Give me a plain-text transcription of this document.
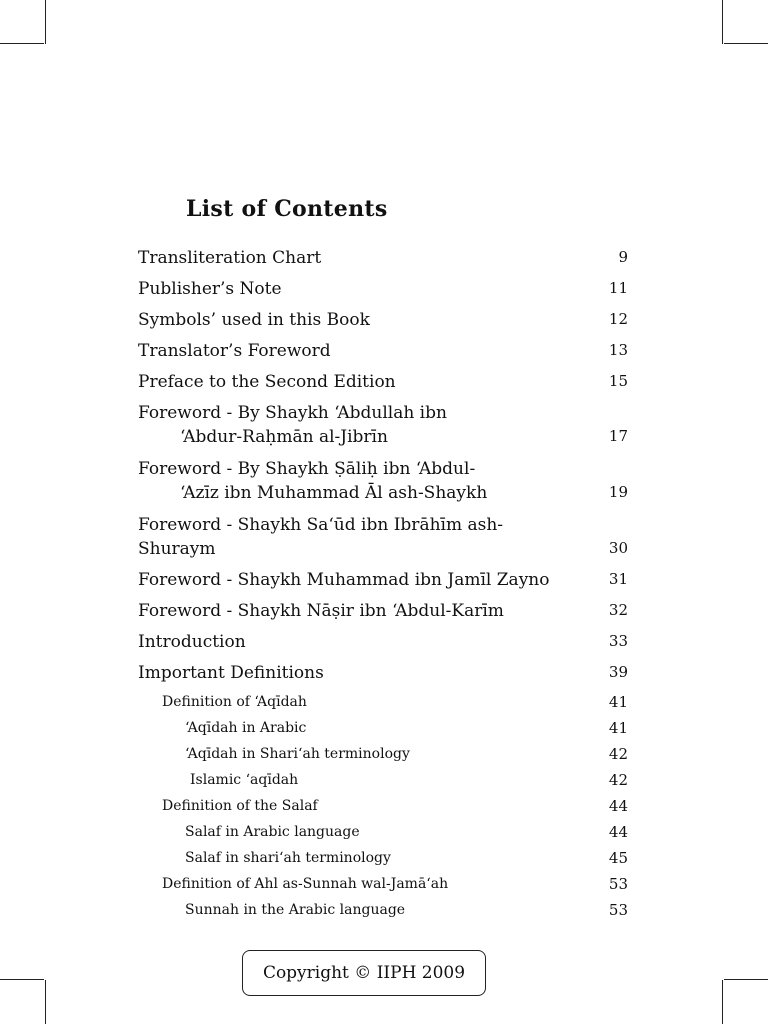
List of Contents
Transliteration Chart	9
Publisher’s Note	11
Symbols’ used in this Book	12
Translator’s Foreword	13
Preface to the Second Edition	15
Foreword - By Shaykh ‘Abdullah ibn
‘Abdur-Raḥmān al-Jibrīn	17
Foreword - By Shaykh Ṣāliḥ ibn ‘Abdul-
‘Azīz ibn Muhammad Āl ash-Shaykh	19
Foreword - Shaykh Sa‘ūd ibn Ibrāhīm ash-Shuraym	30
Foreword - Shaykh Muhammad ibn Jamīl Zayno	31
Foreword - Shaykh Nāṣir ibn ‘Abdul-Karīm	32
Introduction	33
Important Definitions	39
Definition of ‘Aqīdah	41
‘Aqīdah in Arabic	41
‘Aqīdah in Shari‘ah terminology	42
Islamic ‘aqīdah	42
Definition of the Salaf	44
Salaf in Arabic language	44
Salaf in shari‘ah terminology	45
Definition of Ahl as-Sunnah wal-Jamā‘ah	53
Sunnah in the Arabic language	53
Copyright © IIPH 2009
